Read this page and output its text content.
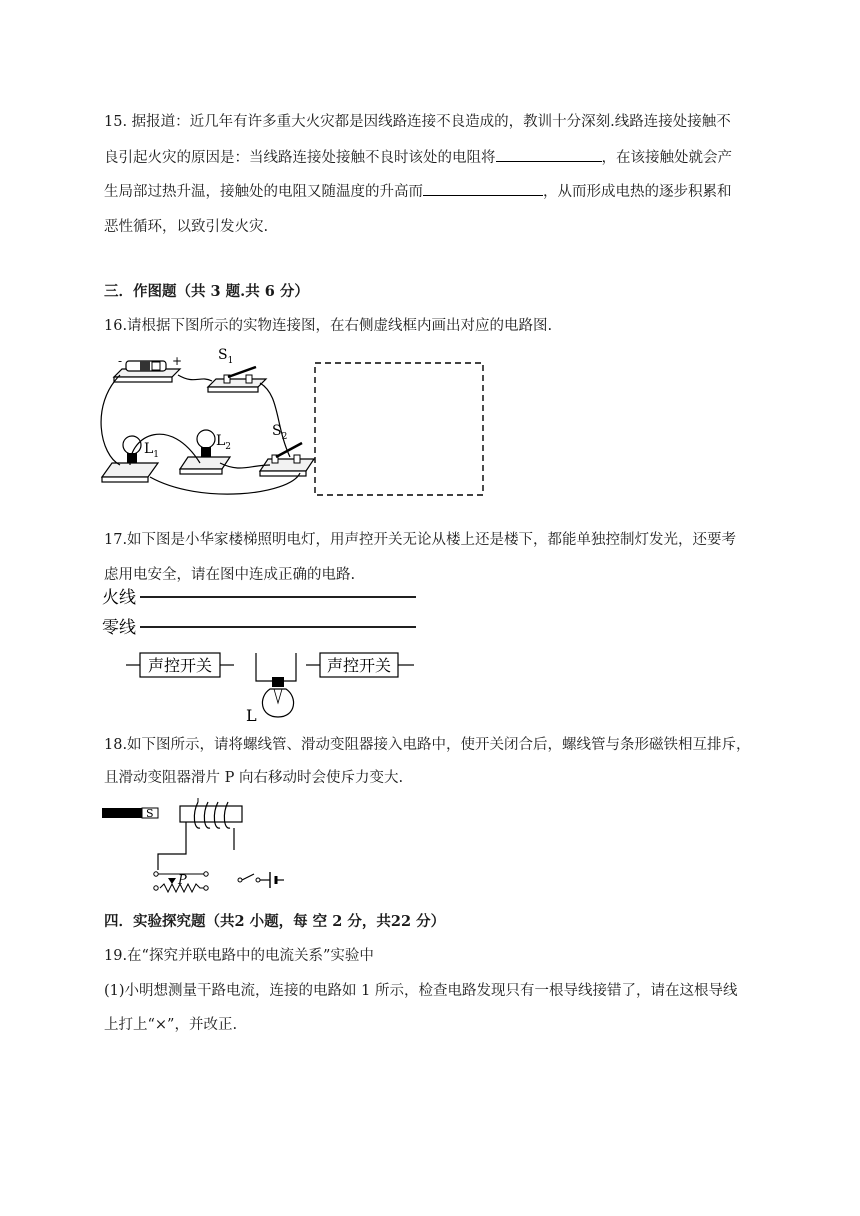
15. 据报道：近几年有许多重大火灾都是因线路连接不良造成的，教训十分深刻.线路连接处接触不
良引起火灾的原因是：当线路连接处接触不良时该处的电阻将	，在该接触处就会产
生局部过热升温，接触处的电阻又随温度的升高而	，从而形成电热的逐步积累和
恶性循环，以致引发火灾.
三．作图题（共 3 题.共 6 分）
16.请根据下图所示的实物连接图，在右侧虚线框内画出对应的电路图.
-	+	$S_1$
$L_1$
$L_2$
$S_2$
17.如下图是小华家楼梯照明电灯，用声控开关无论从楼上还是楼下，都能单独控制灯发光，还要考
虑用电安全，请在图中连成正确的电路.
火线
零线
声控开关
L
声控开关
18.如下图所示，请将螺线管、滑动变阻器接入电路中，使开关闭合后，螺线管与条形磁铁相互排斥，
且滑动变阻器滑片 P 向右移动时会使斥力变大.
S
P
四．实验探究题（共2 小题，每 空 2 分，共22 分）
19.在“探究并联电路中的电流关系”实验中
(1)小明想测量干路电流，连接的电路如 1 所示，检查电路发现只有一根导线接错了，请在这根导线
上打上“×”，并改正.
